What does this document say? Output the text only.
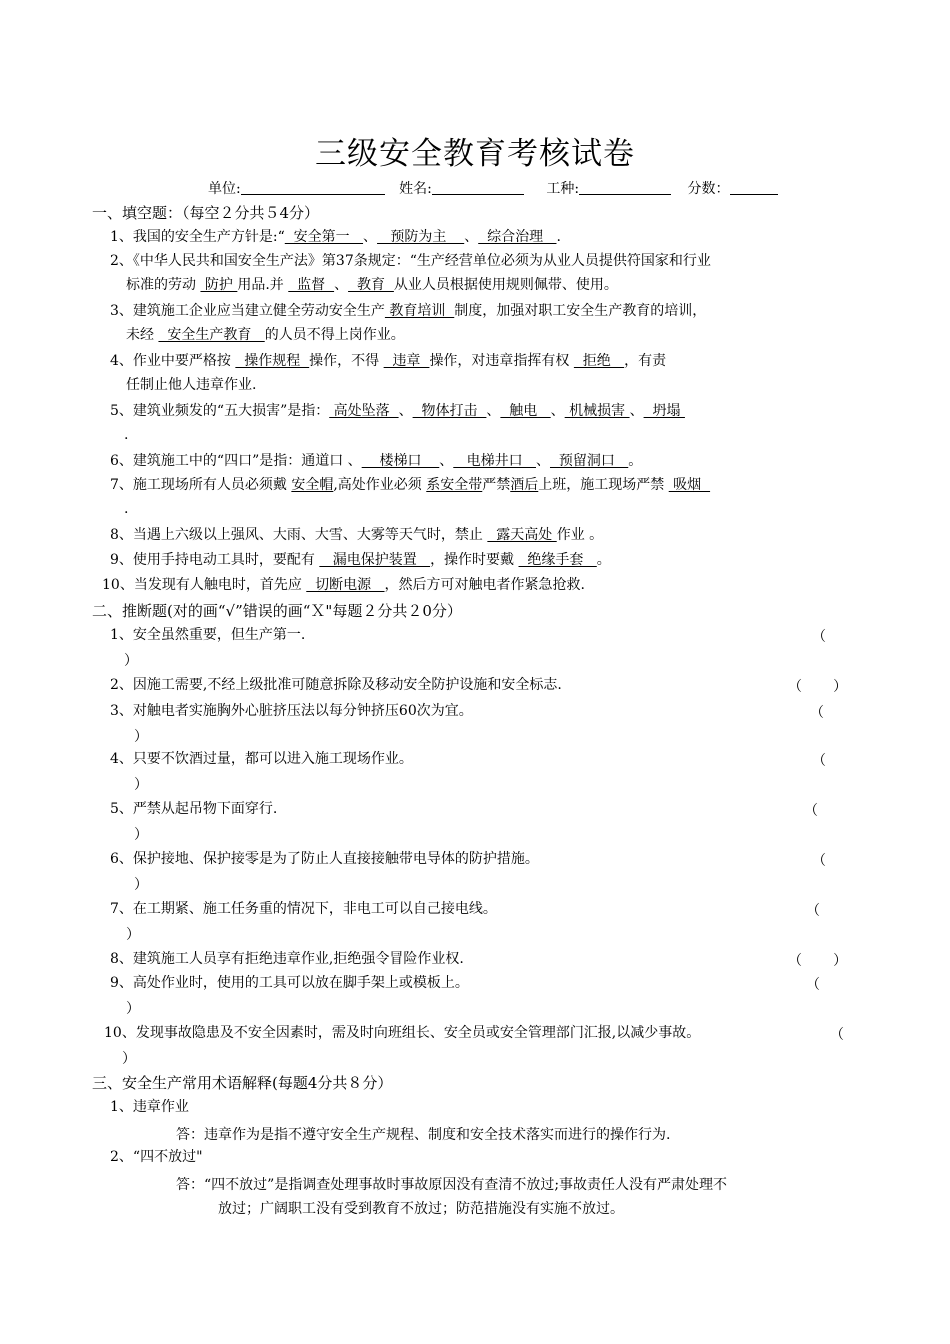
三级安全教育考核试卷
单位:	姓名:	工种:	分数：
一、填空题：（每空２分共５4分）
1、我国的安全生产方针是:“  安全第一   、   预防为主    、  综合治理   .
2、《中华人民共和国安全生产法》第37条规定：“生产经营单位必须为从业人员提供符国家和行业
标准的劳动  防护 用品.并   监督  、  教育  从业人员根据使用规则佩带、使用。
3、建筑施工企业应当建立健全劳动安全生产 教育培训  制度，加强对职工安全生产教育的培训，
未经   安全生产教育   的人员不得上岗作业。
4、作业中要严格按   操作规程  操作，不得   违章  操作，对违章指挥有权   拒绝   ，有责
任制止他人违章作业.
5、建筑业频发的“五大损害”是指： 高处坠落  、  物体打击  、  触电   、 机械损害 、  坍塌
.
6、建筑施工中的“四口”是指：通道口 、    楼梯口    、   电梯井口   、  预留洞口   。
7、施工现场所有人员必须戴 安全帽,高处作业必须 系安全带严禁酒后上班，施工现场严禁  吸烟
.
8、当遇上六级以上强风、大雨、大雪、大雾等天气时，禁止   露天高处 作业 。
9、使用手持电动工具时，要配有    漏电保护装置   ，操作时要戴   绝缘手套   。
10、当发现有人触电时，首先应   切断电源   ，然后方可对触电者作紧急抢救.
二、推断题(对的画“√”错误的画“Ｘ"每题２分共２0分）
1、安全虽然重要，但生产第一.	（
）
2、因施工需要,不经上级批准可随意拆除及移动安全防护设施和安全标志.	（       ）
3、对触电者实施胸外心脏挤压法以每分钟挤压60次为宜。	（
）
4、只要不饮酒过量，都可以进入施工现场作业。	（
）
5、严禁从起吊物下面穿行.	（
）
6、保护接地、保护接零是为了防止人直接接触带电导体的防护措施。	（
）
7、在工期紧、施工任务重的情况下，非电工可以自己接电线。	（
）
8、建筑施工人员享有拒绝违章作业,拒绝强令冒险作业权.	（       ）
9、高处作业时，使用的工具可以放在脚手架上或模板上。	（
）
10、发现事故隐患及不安全因素时，需及时向班组长、安全员或安全管理部门汇报,以减少事故。	（
）
三、安全生产常用术语解释(每题4分共８分）
1、违章作业
答：违章作为是指不遵守安全生产规程、制度和安全技术落实而进行的操作行为.
2、“四不放过"
答：“四不放过”是指调查处理事故时事故原因没有查清不放过;事故责任人没有严肃处理不
放过；广阔职工没有受到教育不放过；防范措施没有实施不放过。
